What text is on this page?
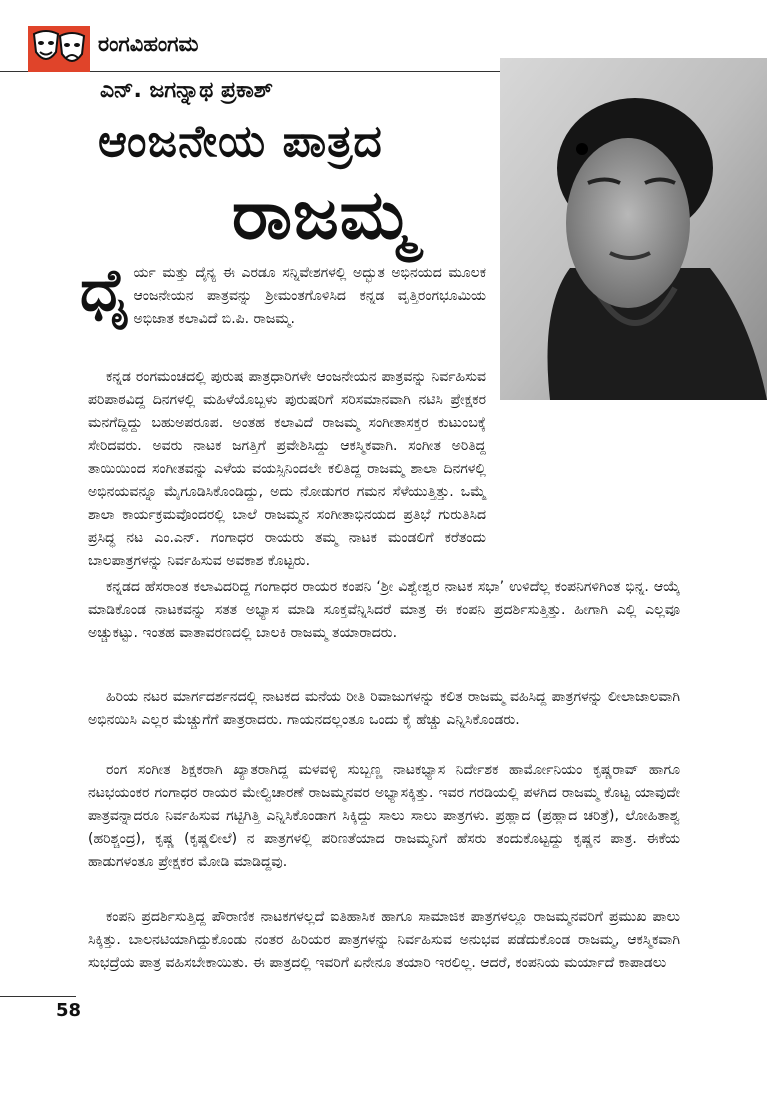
ರಂಗವಿಹಂಗಮ
ಎನ್. ಜಗನ್ನಾಥ ಪ್ರಕಾಶ್
ಆಂಜನೇಯ ಪಾತ್ರದ
ರಾಜಮ್ಮ
ಧೈರ್ಯ ಮತ್ತು ದೈನ್ಯ ಈ ಎರಡೂ ಸನ್ನಿವೇಶಗಳಲ್ಲಿ ಅದ್ಭುತ ಅಭಿನಯದ ಮೂಲಕ ಆಂಜನೇಯನ ಪಾತ್ರವನ್ನು ಶ್ರೀಮಂತಗೊಳಿಸಿದ ಕನ್ನಡ ವೃತ್ತಿರಂಗಭೂಮಿಯ ಅಭಿಜಾತ ಕಲಾವಿದೆ ಬಿ.ಪಿ. ರಾಜಮ್ಮ.
ಕನ್ನಡ ರಂಗಮಂಚದಲ್ಲಿ ಪುರುಷ ಪಾತ್ರಧಾರಿಗಳೇ ಆಂಜನೇಯನ ಪಾತ್ರವನ್ನು ನಿರ್ವಹಿಸುವ ಪರಿಪಾಠವಿದ್ದ ದಿನಗಳಲ್ಲಿ ಮಹಿಳೆಯೊಬ್ಬಳು ಪುರುಷರಿಗೆ ಸರಿಸಮಾನವಾಗಿ ನಟಿಸಿ ಪ್ರೇಕ್ಷಕರ ಮನಗೆದ್ದಿದ್ದು ಬಹುಅಪರೂಪ. ಅಂತಹ ಕಲಾವಿದೆ ರಾಜಮ್ಮ ಸಂಗೀತಾಸಕ್ತರ ಕುಟುಂಬಕ್ಕೆ ಸೇರಿದವರು. ಅವರು ನಾಟಕ ಜಗತ್ತಿಗೆ ಪ್ರವೇಶಿಸಿದ್ದು ಆಕಸ್ಮಿಕವಾಗಿ. ಸಂಗೀತ ಅರಿತಿದ್ದ ತಾಯಿಯಿಂದ ಸಂಗೀತವನ್ನು ಎಳೆಯ ವಯಸ್ಸಿನಿಂದಲೇ ಕಲಿತಿದ್ದ ರಾಜಮ್ಮ ಶಾಲಾ ದಿನಗಳಲ್ಲಿ ಅಭಿನಯವನ್ನೂ ಮೈಗೂಡಿಸಿಕೊಂಡಿದ್ದು, ಅದು ನೋಡುಗರ ಗಮನ ಸೆಳೆಯುತ್ತಿತ್ತು. ಒಮ್ಮೆ ಶಾಲಾ ಕಾರ್ಯಕ್ರಮವೊಂದರಲ್ಲಿ ಬಾಲೆ ರಾಜಮ್ಮನ ಸಂಗೀತಾಭಿನಯದ ಪ್ರತಿಭೆ ಗುರುತಿಸಿದ ಪ್ರಸಿದ್ಧ ನಟ ಎಂ.ಎನ್. ಗಂಗಾಧರ ರಾಯರು ತಮ್ಮ ನಾಟಕ ಮಂಡಲಿಗೆ ಕರೆತಂದು ಬಾಲಪಾತ್ರಗಳನ್ನು ನಿರ್ವಹಿಸುವ ಅವಕಾಶ ಕೊಟ್ಟರು.
ಕನ್ನಡದ ಹೆಸರಾಂತ ಕಲಾವಿದರಿದ್ದ ಗಂಗಾಧರ ರಾಯರ ಕಂಪನಿ ‘ಶ್ರೀ ವಿಶ್ವೇಶ್ವರ ನಾಟಕ ಸಭಾ’ ಉಳಿದೆಲ್ಲ ಕಂಪನಿಗಳಿಗಿಂತ ಭಿನ್ನ. ಆಯ್ಕೆ ಮಾಡಿಕೊಂಡ ನಾಟಕವನ್ನು ಸತತ ಅಭ್ಯಾಸ ಮಾಡಿ ಸೂಕ್ತವೆನ್ನಿಸಿದರೆ ಮಾತ್ರ ಈ ಕಂಪನಿ ಪ್ರದರ್ಶಿಸುತ್ತಿತ್ತು. ಹೀಗಾಗಿ ಎಲ್ಲಿ ಎಲ್ಲವೂ ಅಚ್ಚುಕಟ್ಟು. ಇಂತಹ ವಾತಾವರಣದಲ್ಲಿ ಬಾಲಕಿ ರಾಜಮ್ಮ ತಯಾರಾದರು.
ಹಿರಿಯ ನಟರ ಮಾರ್ಗದರ್ಶನದಲ್ಲಿ ನಾಟಕದ ಮನೆಯ ರೀತಿ ರಿವಾಜುಗಳನ್ನು ಕಲಿತ ರಾಜಮ್ಮ ವಹಿಸಿದ್ದ ಪಾತ್ರಗಳನ್ನು ಲೀಲಾಜಾಲವಾಗಿ ಅಭಿನಯಿಸಿ ಎಲ್ಲರ ಮೆಚ್ಚುಗೆಗೆ ಪಾತ್ರರಾದರು. ಗಾಯನದಲ್ಲಂತೂ ಒಂದು ಕೈ ಹೆಚ್ಚು ಎನ್ನಿಸಿಕೊಂಡರು.
ರಂಗ ಸಂಗೀತ ಶಿಕ್ಷಕರಾಗಿ ಖ್ಯಾತರಾಗಿದ್ದ ಮಳವಳ್ಳಿ ಸುಬ್ಬಣ್ಣ ನಾಟಕಭ್ಯಾಸ ನಿರ್ದೇಶಕ ಹಾರ್ಮೋನಿಯಂ ಕೃಷ್ಣರಾವ್ ಹಾಗೂ ನಟಭಯಂಕರ ಗಂಗಾಧರ ರಾಯರ ಮೇಲ್ವಿಚಾರಣೆ ರಾಜಮ್ಮನವರ ಅಭ್ಯಾಸಕ್ಕಿತ್ತು. ಇವರ ಗರಡಿಯಲ್ಲಿ ಪಳಗಿದ ರಾಜಮ್ಮ ಕೊಟ್ಟ ಯಾವುದೇ ಪಾತ್ರವನ್ನಾದರೂ ನಿರ್ವಹಿಸುವ ಗಟ್ಟಿಗಿತ್ತಿ ಎನ್ನಿಸಿಕೊಂಡಾಗ ಸಿಕ್ಕಿದ್ದು ಸಾಲು ಸಾಲು ಪಾತ್ರಗಳು. ಪ್ರಹ್ಲಾದ (ಪ್ರಹ್ಲಾದ ಚರಿತ್ರೆ), ಲೋಹಿತಾಶ್ವ (ಹರಿಶ್ಚಂದ್ರ), ಕೃಷ್ಣ (ಕೃಷ್ಣಲೀಲೆ) ನ ಪಾತ್ರಗಳಲ್ಲಿ ಪರಿಣತೆಯಾದ ರಾಜಮ್ಮನಿಗೆ ಹೆಸರು ತಂದುಕೊಟ್ಟದ್ದು ಕೃಷ್ಣನ ಪಾತ್ರ. ಈಕೆಯ ಹಾಡುಗಳಂತೂ ಪ್ರೇಕ್ಷಕರ ಮೋಡಿ ಮಾಡಿದ್ದವು.
ಕಂಪನಿ ಪ್ರದರ್ಶಿಸುತ್ತಿದ್ದ ಪೌರಾಣಿಕ ನಾಟಕಗಳಲ್ಲದೆ ಐತಿಹಾಸಿಕ ಹಾಗೂ ಸಾಮಾಜಿಕ ಪಾತ್ರಗಳಲ್ಲೂ ರಾಜಮ್ಮನವರಿಗೆ ಪ್ರಮುಖ ಪಾಲು ಸಿಕ್ಕಿತ್ತು. ಬಾಲನಟಿಯಾಗಿದ್ದುಕೊಂಡು ನಂತರ ಹಿರಿಯರ ಪಾತ್ರಗಳನ್ನು ನಿರ್ವಹಿಸುವ ಅನುಭವ ಪಡೆದುಕೊಂಡ ರಾಜಮ್ಮ, ಆಕಸ್ಮಿಕವಾಗಿ ಸುಭದ್ರೆಯ ಪಾತ್ರ ವಹಿಸಬೇಕಾಯಿತು. ಈ ಪಾತ್ರದಲ್ಲಿ ಇವರಿಗೆ ಏನೇನೂ ತಯಾರಿ ಇರಲಿಲ್ಲ. ಆದರೆ, ಕಂಪನಿಯ ಮರ್ಯಾದೆ ಕಾಪಾಡಲು
58
